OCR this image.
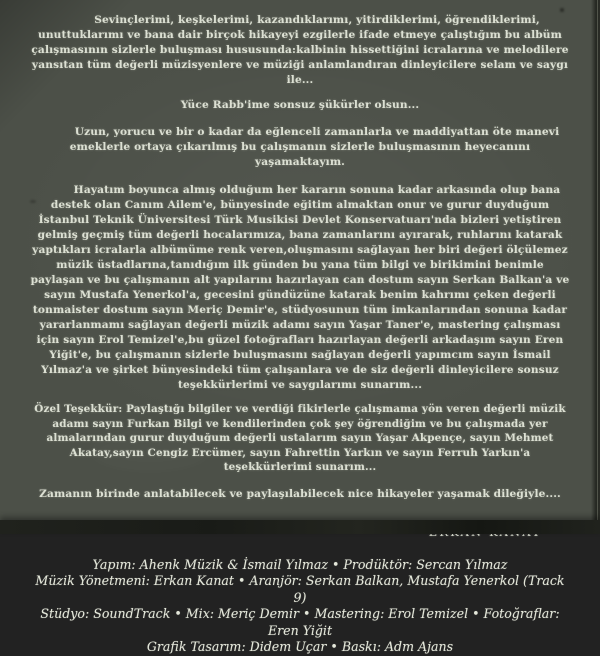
Sevinçlerimi, keşkelerimi, kazandıklarımı, yitirdiklerimi, öğrendiklerimi, unuttuklarımı ve bana dair birçok hikayeyi ezgilerle ifade etmeye çalıştığım bu albüm çalışmasının sizlerle buluşması hususunda:kalbinin hissettiğini icralarına ve melodilere yansıtan tüm değerli müzisyenlere ve müziği anlamlandıran dinleyicilere selam ve saygı ile...

Yüce Rabb'ime sonsuz şükürler olsun...

Uzun, yorucu ve bir o kadar da eğlenceli zamanlarla ve maddiyattan öte manevi emeklerle ortaya çıkarılmış bu çalışmanın sizlerle buluşmasının heyecanını yaşamaktayım.

Hayatım boyunca almış olduğum her kararın sonuna kadar arkasında olup bana destek olan Canım Ailem'e, bünyesinde eğitim almaktan onur ve gurur duyduğum İstanbul Teknik Üniversitesi Türk Musikisi Devlet Konservatuarı'nda bizleri yetiştiren gelmiş geçmiş tüm değerli hocalarımıza, bana zamanlarını ayırarak, ruhlarını katarak yaptıkları icralarla albümüme renk veren,oluşmasını sağlayan her biri değeri ölçülemez müzik üstadlarına,tanıdığım ilk günden bu yana tüm bilgi ve birikimini benimle paylaşan ve bu çalışmanın alt yapılarını hazırlayan can dostum sayın Serkan Balkan'a ve sayın Mustafa Yenerkol'a, gecesini gündüzüne katarak benim kahrımı çeken değerli tonmaister dostum sayın Meriç Demir'e, stüdyosunun tüm imkanlarından sonuna kadar yararlanmamı sağlayan değerli müzik adamı sayın Yaşar Taner'e, mastering çalışması için sayın Erol Temizel'e,bu güzel fotoğrafları hazırlayan değerli arkadaşım sayın Eren Yiğit'e, bu çalışmanın sizlerle buluşmasını sağlayan değerli yapımcım sayın İsmail Yılmaz'a ve şirket bünyesindeki tüm çalışanlara ve de siz değerli dinleyicilere sonsuz teşekkürlerimi ve saygılarımı sunarım...

Özel Teşekkür: Paylaştığı bilgiler ve verdiği fikirlerle çalışmama yön veren değerli müzik adamı sayın Furkan Bilgi ve kendilerinden çok şey öğrendiğim ve bu çalışmada yer almalarından gurur duyduğum değerli ustalarım sayın Yaşar Akpençe, sayın Mehmet Akatay,sayın Cengiz Ercümer, sayın Fahrettin Yarkın ve sayın Ferruh Yarkın'a teşekkürlerimi sunarım...

Zamanın birinde anlatabilecek ve paylaşılabilecek nice hikayeler yaşamak dileğiyle....

Yapım: Ahenk Müzik & İsmail Yılmaz • Prodüktör: Sercan Yılmaz

Müzik Yönetmeni: Erkan Kanat • Aranjör: Serkan Balkan, Mustafa Yenerkol (Track 9)

Stüdyo: SoundTrack • Mix: Meriç Demir • Mastering: Erol Temizel • Fotoğraflar: Eren Yiğit

Grafik Tasarım: Didem Uçar • Baskı: Adm Ajans
